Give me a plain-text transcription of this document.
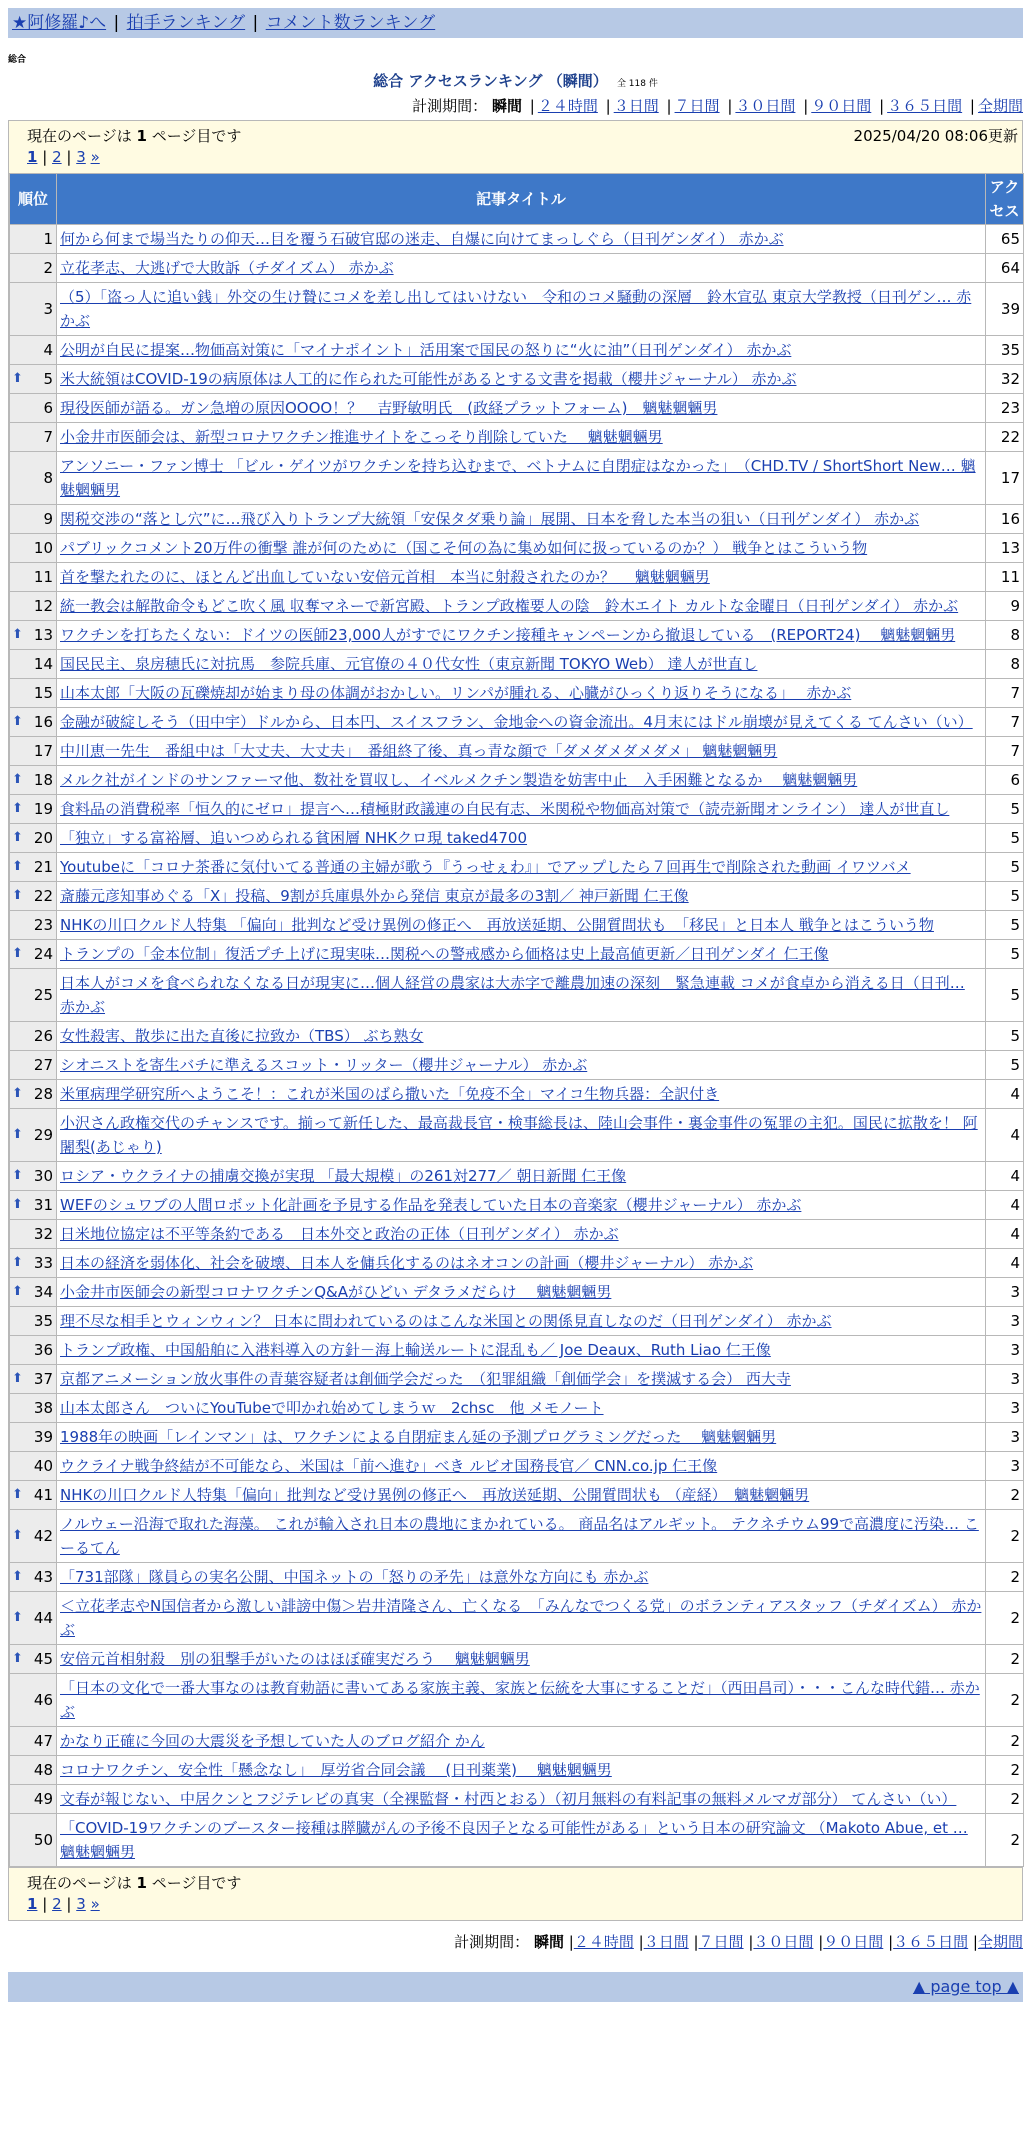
★阿修羅♪へ | 拍手ランキング | コメント数ランキング
総合
総合 アクセスランキング （瞬間） 全 118 件
計測期間： 瞬間 | ２４時間 | ３日間 | ７日間 | ３０日間 | ９０日間 | ３６５日間 | 全期間
現在のページは 1 ページ目です	2025/04/20 08:06更新
1 | 2 | 3 »
順位	記事タイトル	アクセス
1	何から何まで場当たりの仰天…目を覆う石破官邸の迷走、自爆に向けてまっしぐら（日刊ゲンダイ） 赤かぶ	65
2	立花孝志、大逃げで大敗訴（チダイズム） 赤かぶ	64
3	（5）「盗っ人に追い銭」外交の生け贄にコメを差し出してはいけない　令和のコメ騒動の深層　鈴木宣弘 東京大学教授（日刊ゲン… 赤かぶ	39
4	公明が自民に提案…物価高対策に「マイナポイント」活用案で国民の怒りに“火に油”（日刊ゲンダイ） 赤かぶ	35

⬆ 5	米大統領はCOVID-19の病原体は人工的に作られた可能性があるとする文書を掲載（櫻井ジャーナル） 赤かぶ	32
6	現役医師が語る。ガン急増の原因OOOO！？　吉野敏明氏　(政経プラットフォーム)　魑魅魍魎男	23
7	小金井市医師会は、新型コロナワクチン推進サイトをこっそり削除していた　 魑魅魍魎男	22
8	アンソニー・ファン博士 「ビル・ゲイツがワクチンを持ち込むまで、ベトナムに自閉症はなかった」　（CHD.TV / ShortShort New… 魑魅魍魎男	17
9	関税交渉の“落とし穴”に…飛び入りトランプ大統領「安保タダ乗り論」展開、日本を脅した本当の狙い（日刊ゲンダイ） 赤かぶ	16
10	パブリックコメント20万件の衝撃 誰が何のために（国こそ何の為に集め如何に扱っているのか？） 戦争とはこういう物	13
11	首を撃たれたのに、ほとんど出血していない安倍元首相　本当に射殺されたのか？　 魑魅魍魎男	11
12	統一教会は解散命令もどこ吹く風 収奪マネーで新宮殿、トランプ政権要人の陰　鈴木エイト カルトな金曜日（日刊ゲンダイ） 赤かぶ	9

⬆ 13	ワクチンを打ちたくない：ドイツの医師23,000人がすでにワクチン接種キャンペーンから撤退している　(REPORT24)　 魑魅魍魎男	8
14	国民民主、泉房穂氏に対抗馬　参院兵庫、元官僚の４０代女性（東京新聞 TOKYO Web） 達人が世直し	8
15	山本太郎「大阪の瓦礫焼却が始まり母の体調がおかしい。リンパが腫れる、心臓がひっくり返りそうになる」　 赤かぶ	7

⬆ 16	金融が破綻しそう（田中宇）ドルから、日本円、スイスフラン、金地金への資金流出。4月末にはドル崩壊が見えてくる てんさい（い）	7
17	中川恵一先生　番組中は「大丈夫、大丈夫」　番組終了後、真っ青な顔で「ダメダメダメダメ」 魑魅魍魎男	7

⬆ 18	メルク社がインドのサンファーマ他、数社を買収し、イベルメクチン製造を妨害中止　入手困難となるか　 魑魅魍魎男	6

⬆ 19	食料品の消費税率「恒久的にゼロ」提言へ…積極財政議連の自民有志、米関税や物価高対策で（読売新聞オンライン） 達人が世直し	5

⬆ 20	「独立」する富裕層、追いつめられる貧困層 NHKクロ現 taked4700	5

⬆ 21	Youtubeに「コロナ茶番に気付いてる普通の主婦が歌う『うっせぇわ』」でアップしたら７回再生で削除された動画 イワツバメ	5

⬆ 22	斎藤元彦知事めぐる「X」投稿、9割が兵庫県外から発信 東京が最多の3割／ 神戸新聞 仁王像	5
23	NHKの川口クルド人特集 「偏向」批判など受け異例の修正へ　再放送延期、公開質問状も　「移民」と日本人 戦争とはこういう物	5

⬆ 24	トランプの「金本位制」復活プチ上げに現実味…関税への警戒感から価格は史上最高値更新／日刊ゲンダイ 仁王像	5
25	日本人がコメを食べられなくなる日が現実に…個人経営の農家は大赤字で離農加速の深刻　緊急連載 コメが食卓から消える日（日刊… 赤かぶ	5
26	女性殺害、散歩に出た直後に拉致か（TBS） ぶち熟女	5
27	シオニストを寄生バチに準えるスコット・リッター（櫻井ジャーナル） 赤かぶ	5

⬆ 28	米軍病理学研究所へようこそ！：これが米国のばら撒いた「免疫不全」マイコ生物兵器：全訳付き	4

⬆ 29	小沢さん政権交代のチャンスです。揃って新任した、最高裁長官・検事総長は、陸山会事件・裏金事件の冤罪の主犯。国民に拡散を！ 阿闍梨(あじゃり)	4

⬆ 30	ロシア・ウクライナの捕虜交換が実現 「最大規模」の261対277／ 朝日新聞 仁王像	4

⬆ 31	WEFのシュワブの人間ロボット化計画を予見する作品を発表していた日本の音楽家（櫻井ジャーナル） 赤かぶ	4
32	日米地位協定は不平等条約である　日本外交と政治の正体（日刊ゲンダイ） 赤かぶ	4

⬆ 33	日本の経済を弱体化、社会を破壊、日本人を傭兵化するのはネオコンの計画（櫻井ジャーナル） 赤かぶ	4

⬆ 34	小金井市医師会の新型コロナワクチンQ&Aがひどい デタラメだらけ　 魑魅魍魎男	3
35	理不尽な相手とウィンウィン？ 日本に問われているのはこんな米国との関係見直しなのだ（日刊ゲンダイ） 赤かぶ	3
36	トランプ政権、中国船舶に入港料導入の方針－海上輸送ルートに混乱も／ Joe Deaux、Ruth Liao 仁王像	3

⬆ 37	京都アニメーション放火事件の青葉容疑者は創価学会だった　（犯罪組織「創価学会」を撲滅する会） 西大寺	3
38	山本太郎さん　ついにYouTubeで叩かれ始めてしまうｗ　2chsc　他 メモノート	3
39	1988年の映画「レインマン」は、ワクチンによる自閉症まん延の予測プログラミングだった　 魑魅魍魎男	3
40	ウクライナ戦争終結が不可能なら、米国は「前へ進む」べき ルビオ国務長官／ CNN.co.jp 仁王像	3

⬆ 41	NHKの川口クルド人特集「偏向」批判など受け異例の修正へ　再放送延期、公開質問状も （産経）　魑魅魍魎男	2

⬆ 42	ノルウェー沿海で取れた海藻。 これが輸入され日本の農地にまかれている。 商品名はアルギット。 テクネチウム99で高濃度に汚染… こーるてん	2

⬆ 43	「731部隊」隊員らの実名公開、中国ネットの「怒りの矛先」は意外な方向にも 赤かぶ	2

⬆ 44	＜立花孝志やN国信者から激しい誹謗中傷＞岩井清隆さん、亡くなる　「みんなでつくる党」のボランティアスタッフ（チダイズム） 赤かぶ	2

⬆ 45	安倍元首相射殺　別の狙撃手がいたのはほぼ確実だろう　 魑魅魍魎男	2
46	「日本の文化で一番大事なのは教育勅語に書いてある家族主義、家族と伝統を大事にすることだ」（西田昌司）・・・こんな時代錯… 赤かぶ	2
47	かなり正確に今回の大震災を予想していた人のブログ紹介 かん	2
48	コロナワクチン、安全性「懸念なし」　厚労省合同会議　 (日刊薬業)　 魑魅魍魎男	2
49	文春が報じない、中居クンとフジテレビの真実（全裸監督・村西とおる）（初月無料の有料記事の無料メルマガ部分） てんさい（い）	2
50	「COVID-19ワクチンのブースター接種は膵臓がんの予後不良因子となる可能性がある」という日本の研究論文 （Makoto Abue, et … 魑魅魍魎男	2
現在のページは 1 ページ目です
1 | 2 | 3 »
計測期間： 瞬間 |２４時間 |３日間 |７日間 |３０日間 |９０日間 |３６５日間 |全期間
▲ page top ▲
